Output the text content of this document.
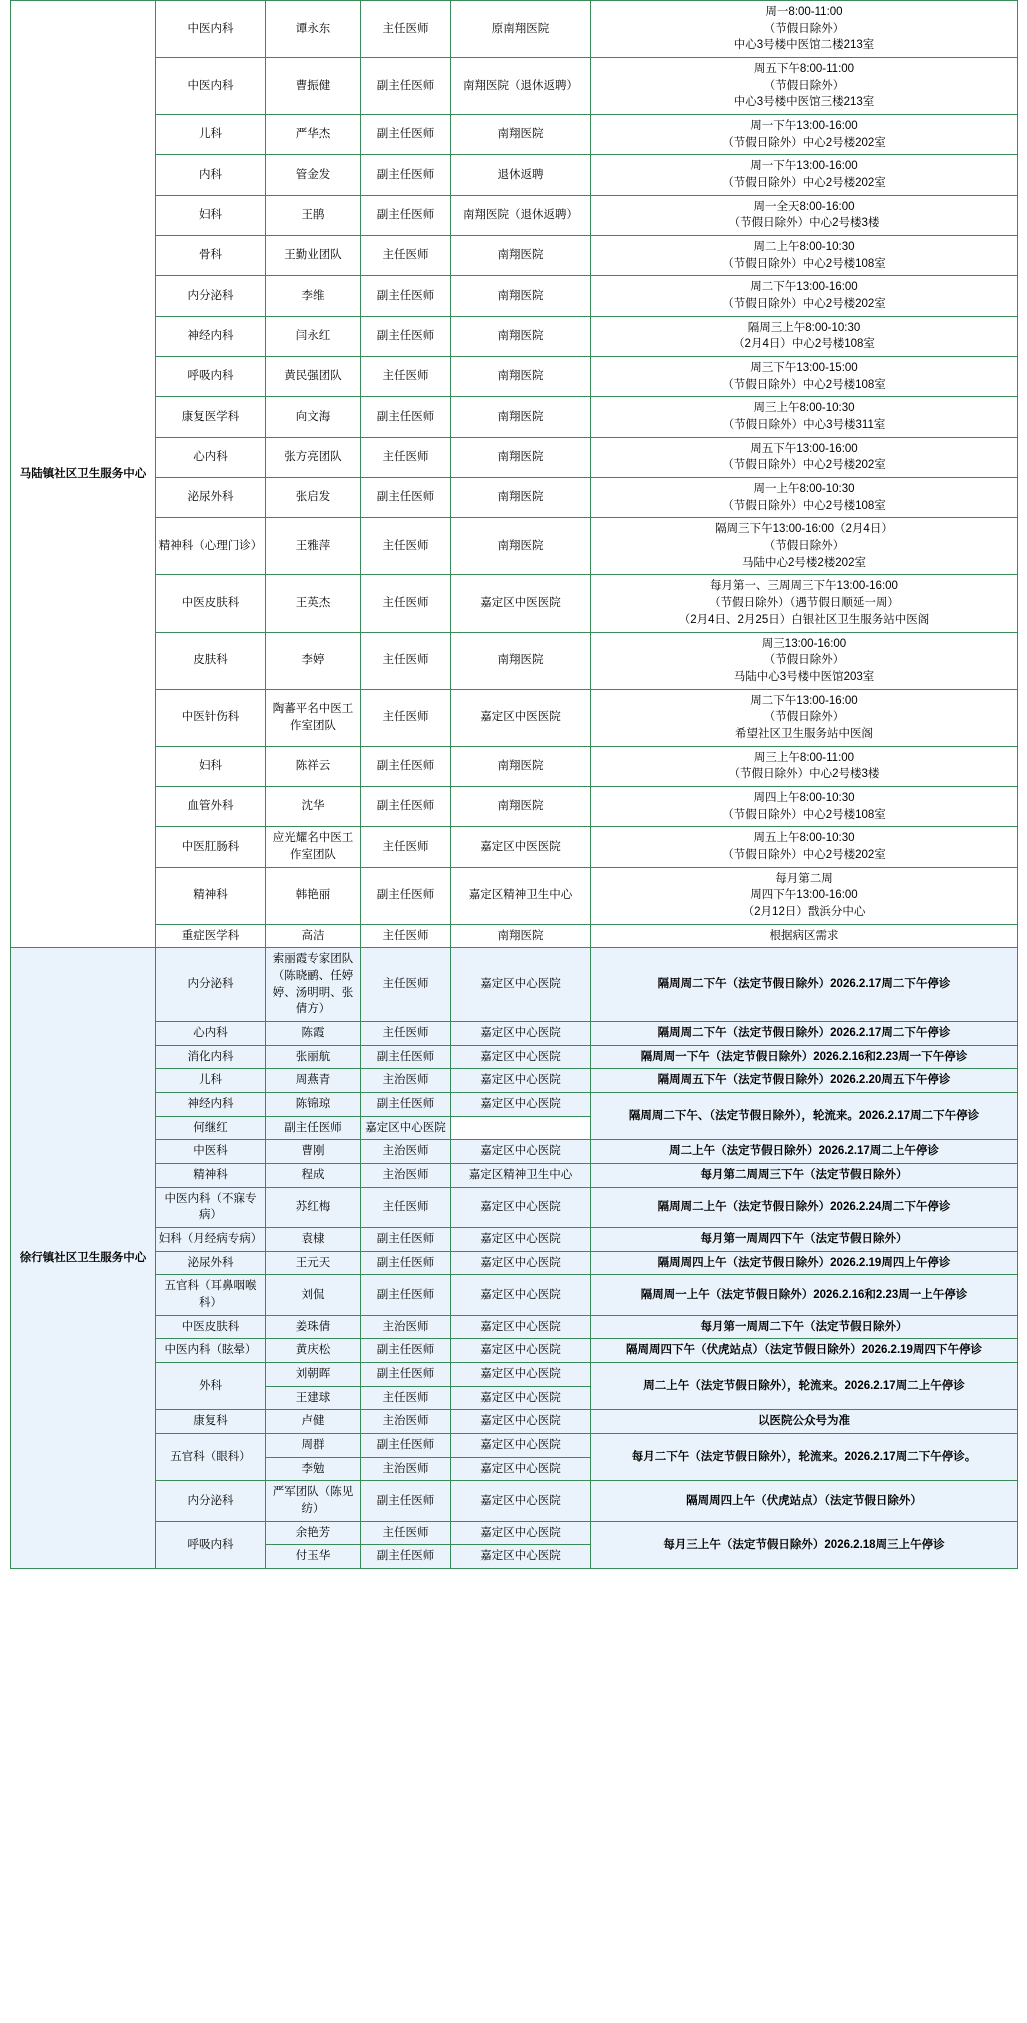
马陆镇社区卫生服务中心	中医内科	谭永东	主任医师	原南翔医院	周一8:00-11:00
（节假日除外）
中心3号楼中医馆二楼213室

	中医内科	曹振健	副主任医师	南翔医院（退休返聘）	周五下午8:00-11:00
（节假日除外）
中心3号楼中医馆三楼213室

	儿科	严华杰	副主任医师	南翔医院	周一下午13:00-16:00
（节假日除外）中心2号楼202室

	内科	管金发	副主任医师	退休返聘	周一下午13:00-16:00
（节假日除外）中心2号楼202室

	妇科	王鹃	副主任医师	南翔医院（退休返聘）	周一全天8:00-16:00
（节假日除外）中心2号楼3楼

	骨科	王勤业团队	主任医师	南翔医院	周二上午8:00-10:30
（节假日除外）中心2号楼108室

	内分泌科	李维	副主任医师	南翔医院	周二下午13:00-16:00
（节假日除外）中心2号楼202室

	神经内科	闫永红	副主任医师	南翔医院	隔周三上午8:00-10:30
（2月4日）中心2号楼108室

	呼吸内科	黄民强团队	主任医师	南翔医院	周三下午13:00-15:00
（节假日除外）中心2号楼108室

	康复医学科	向文海	副主任医师	南翔医院	周三上午8:00-10:30
（节假日除外）中心3号楼311室

	心内科	张方亮团队	主任医师	南翔医院	周五下午13:00-16:00
（节假日除外）中心2号楼202室

	泌尿外科	张启发	副主任医师	南翔医院	周一上午8:00-10:30
（节假日除外）中心2号楼108室

	精神科（心理门诊）	王雅萍	主任医师	南翔医院	隔周三下午13:00-16:00（2月4日）
（节假日除外）
马陆中心2号楼2楼202室

	中医皮肤科	王英杰	主任医师	嘉定区中医医院	每月第一、三周周三下午13:00-16:00
（节假日除外）（遇节假日顺延一周）
（2月4日、2月25日）白银社区卫生服务站中医阁

	皮肤科	李婷	主任医师	南翔医院	周三13:00-16:00
（节假日除外）
马陆中心3号楼中医馆203室

	中医针伤科	陶蕃平名中医工作室团队	主任医师	嘉定区中医医院	周二下午13:00-16:00
（节假日除外）
希望社区卫生服务站中医阁

	妇科	陈祥云	副主任医师	南翔医院	周三上午8:00-11:00
（节假日除外）中心2号楼3楼

	血管外科	沈华	副主任医师	南翔医院	周四上午8:00-10:30
（节假日除外）中心2号楼108室

	中医肛肠科	应光耀名中医工作室团队	主任医师	嘉定区中医医院	周五上午8:00-10:30
（节假日除外）中心2号楼202室

	精神科	韩艳丽	副主任医师	嘉定区精神卫生中心	每月第二周
周四下午13:00-16:00
（2月12日）戬浜分中心

	重症医学科	高洁	主任医师	南翔医院	根据病区需求

徐行镇社区卫生服务中心	内分泌科	索丽霞专家团队（陈晓鹂、任婷婷、汤明明、张倩方）	主任医师	嘉定区中心医院	隔周周二下午（法定节假日除外）2026.2.17周二下午停诊

	心内科	陈霞	主任医师	嘉定区中心医院	隔周周二下午（法定节假日除外）2026.2.17周二下午停诊

	消化内科	张丽航	副主任医师	嘉定区中心医院	隔周周一下午（法定节假日除外）2026.2.16和2.23周一下午停诊

	儿科	周燕青	主治医师	嘉定区中心医院	隔周周五下午（法定节假日除外）2026.2.20周五下午停诊

	神经内科	陈锦琼	副主任医师	嘉定区中心医院	隔周周二下午、（法定节假日除外），轮流来。2026.2.17周二下午停诊

	何继红	副主任医师	嘉定区中心医院		

	中医科	曹刚	主治医师	嘉定区中心医院	周二上午（法定节假日除外）2026.2.17周二上午停诊

	精神科	程成	主治医师	嘉定区精神卫生中心	每月第二周周三下午（法定节假日除外）

	中医内科（不寐专病）	苏红梅	主任医师	嘉定区中心医院	隔周周二上午（法定节假日除外）2026.2.24周二下午停诊

	妇科（月经病专病）	袁棣	副主任医师	嘉定区中心医院	每月第一周周四下午（法定节假日除外）

	泌尿外科	王元天	副主任医师	嘉定区中心医院	隔周周四上午（法定节假日除外）2026.2.19周四上午停诊

	五官科（耳鼻咽喉科）	刘侃	副主任医师	嘉定区中心医院	隔周周一上午（法定节假日除外）2026.2.16和2.23周一上午停诊

	中医皮肤科	姜珠倩	主治医师	嘉定区中心医院	每月第一周周二下午（法定节假日除外）

	中医内科（眩晕）	黄庆松	副主任医师	嘉定区中心医院	隔周周四下午（伏虎站点）（法定节假日除外）2026.2.19周四下午停诊

	外科	刘朝晖	副主任医师	嘉定区中心医院	周二上午（法定节假日除外），轮流来。2026.2.17周二上午停诊

		王建球	主任医师	嘉定区中心医院	

	康复科	卢健	主治医师	嘉定区中心医院	以医院公众号为准

	五官科（眼科）	周群	副主任医师	嘉定区中心医院	每月二下午（法定节假日除外），轮流来。2026.2.17周二下午停诊。

		李勉	主治医师	嘉定区中心医院	

	内分泌科	严军团队（陈见纺）	副主任医师	嘉定区中心医院	隔周周四上午（伏虎站点）（法定节假日除外）

	呼吸内科	余艳芳	主任医师	嘉定区中心医院	每月三上午（法定节假日除外）2026.2.18周三上午停诊

		付玉华	副主任医师	嘉定区中心医院	
